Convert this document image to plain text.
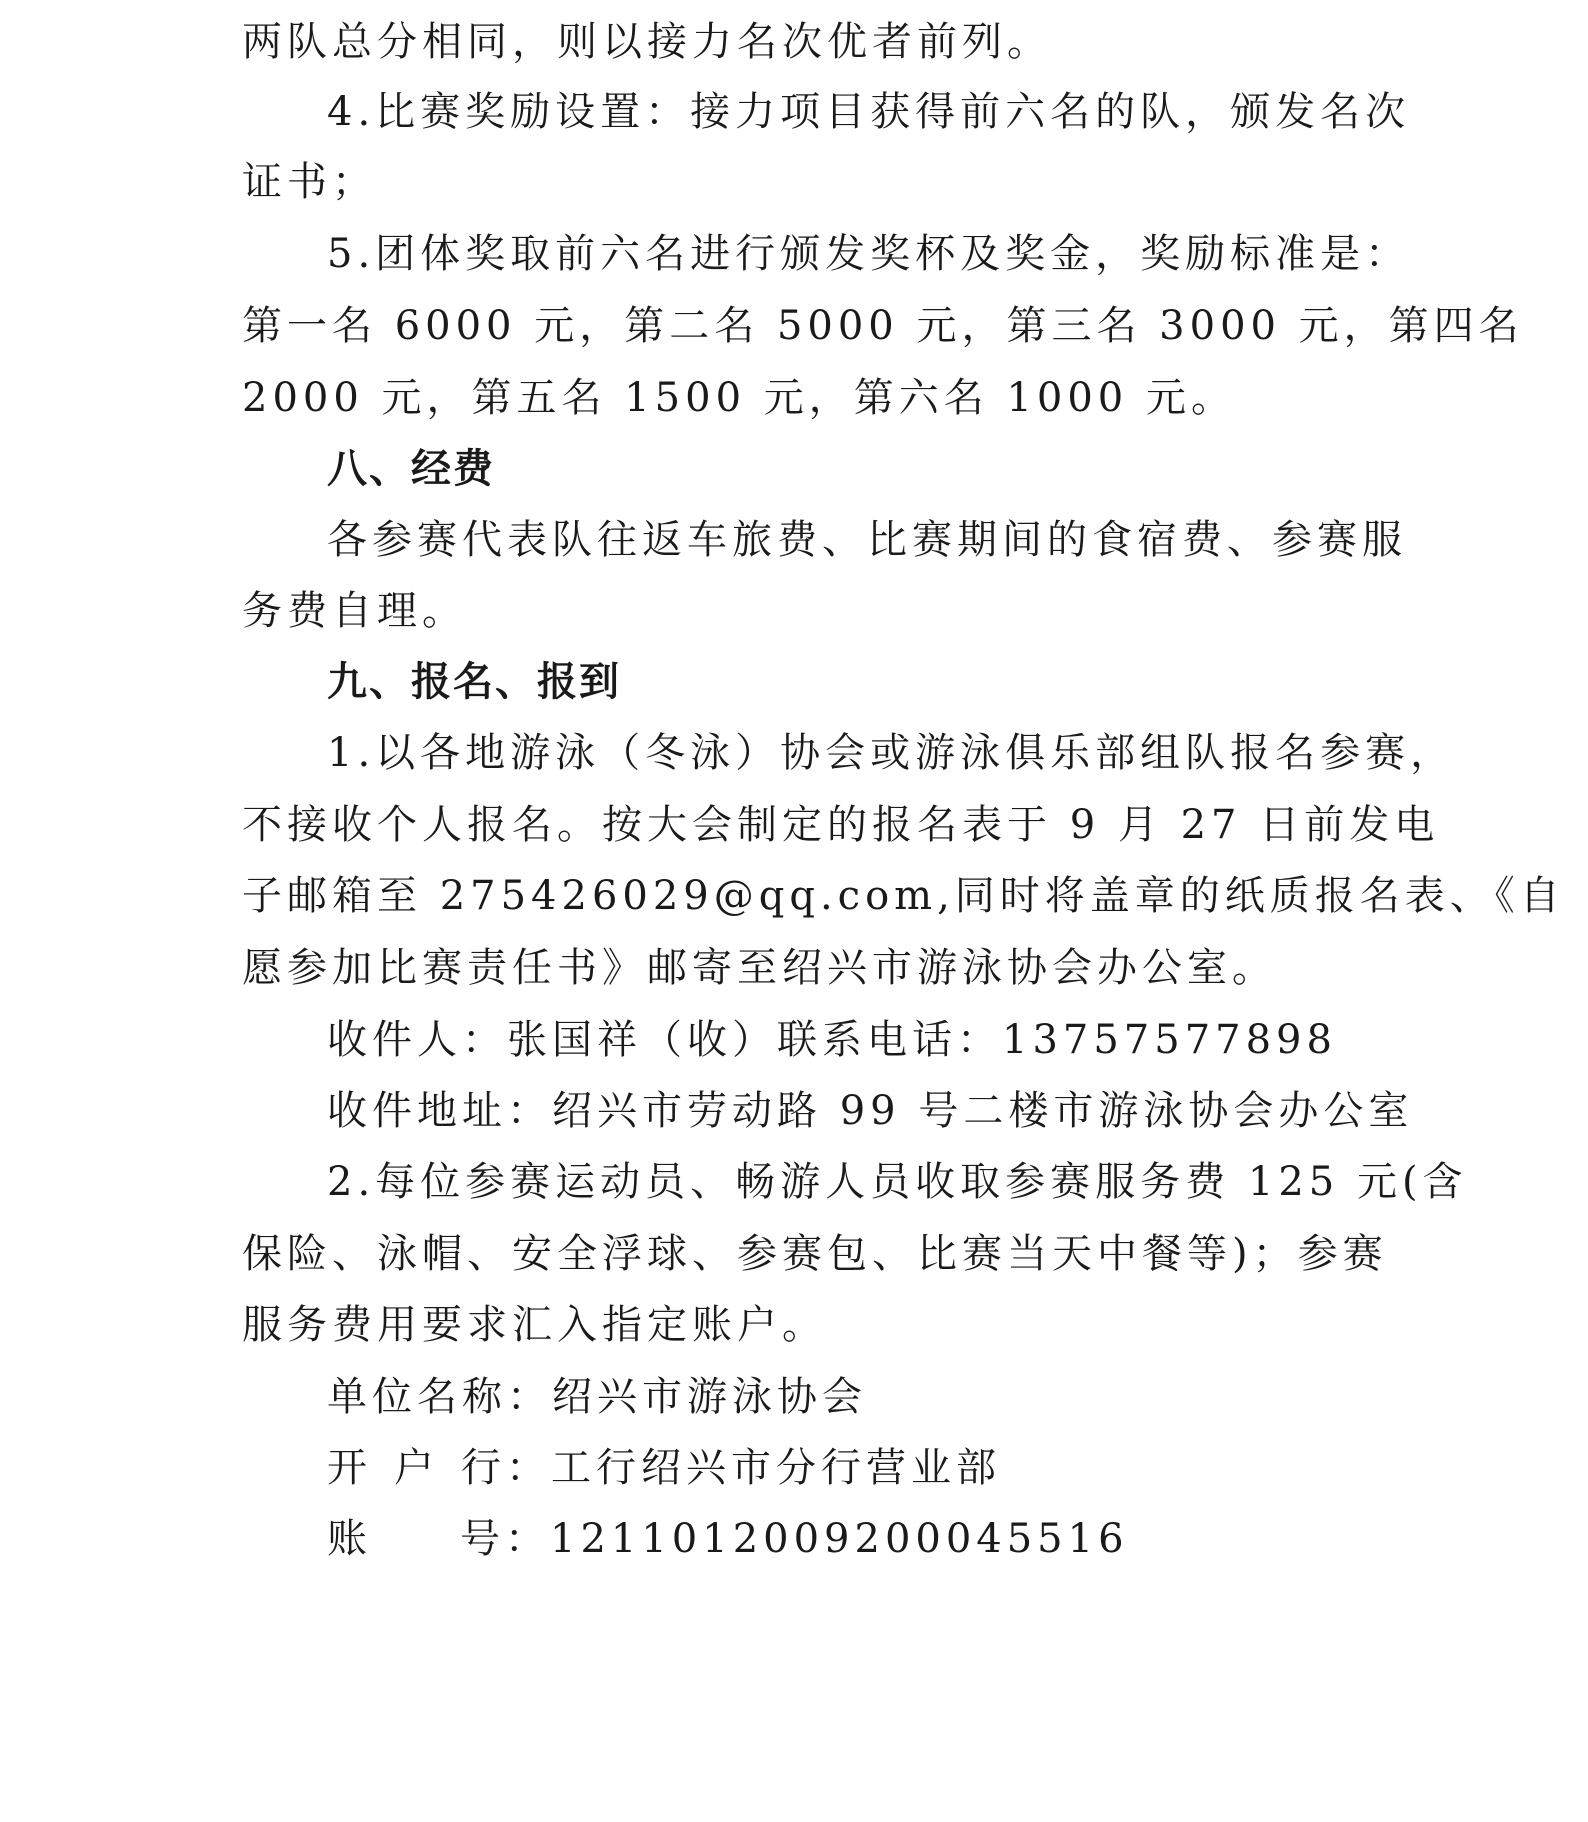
两队总分相同，则以接力名次优者前列。
4.比赛奖励设置：接力项目获得前六名的队，颁发名次
证书；
5.团体奖取前六名进行颁发奖杯及奖金，奖励标准是：
第一名 6000 元，第二名 5000 元，第三名 3000 元，第四名
2000 元，第五名 1500 元，第六名 1000 元。
八、经费
各参赛代表队往返车旅费、比赛期间的食宿费、参赛服
务费自理。
九、报名、报到
1.以各地游泳（冬泳）协会或游泳俱乐部组队报名参赛，
不接收个人报名。按大会制定的报名表于 9 月 27 日前发电
子邮箱至 275426029@qq.com,同时将盖章的纸质报名表、《自
愿参加比赛责任书》邮寄至绍兴市游泳协会办公室。
收件人：张国祥（收）联系电话：13757577898
收件地址：绍兴市劳动路 99 号二楼市游泳协会办公室
2.每位参赛运动员、畅游人员收取参赛服务费 125 元(含
保险、泳帽、安全浮球、参赛包、比赛当天中餐等)；参赛
服务费用要求汇入指定账户。
单位名称：绍兴市游泳协会
开 户 行：工行绍兴市分行营业部
账 号：1211012009200045516
